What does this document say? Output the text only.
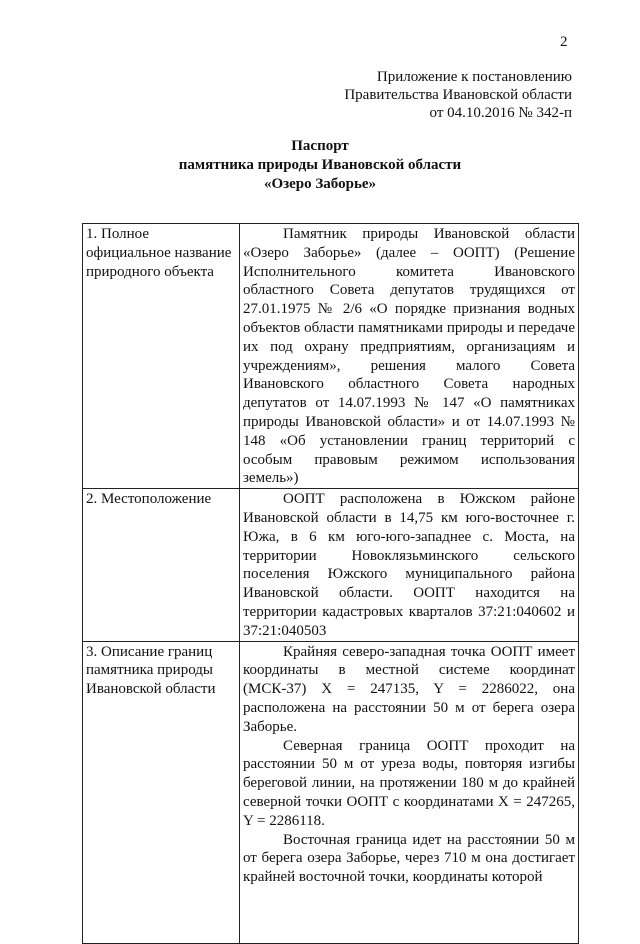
2
Приложение к постановлению
Правительства Ивановской области
от 04.10.2016 № 342-п
Паспорт
памятника природы Ивановской области
«Озеро Заборье»
1. Полное официальное название природного объекта	Памятник природы Ивановской области «Озеро Заборье» (далее – ООПТ) (Решение Исполнительного комитета Ивановского областного Совета депутатов трудящихся от 27.01.1975 № 2/6 «О порядке признания водных объектов области памятниками природы и передаче их под охрану предприятиям, организациям и учреждениям», решения малого Совета Ивановского областного Совета народных депутатов от 14.07.1993 № 147 «О памятниках природы Ивановской области» и от 14.07.1993 № 148 «Об установлении границ территорий с особым правовым режимом использования земель»)

2. Местоположение	ООПТ расположена в Южском районе Ивановской области в 14,75 км юго-восточнее г. Южа, в 6 км юго-юго-западнее с. Моста, на территории Новоклязьминского сельского поселения Южского муниципального района Ивановской области. ООПТ находится на территории кадастровых кварталов 37:21:040602 и 37:21:040503

3. Описание границ памятника природы Ивановской области	Крайняя северо-западная точка ООПТ имеет координаты в местной системе координат (МСК-37) X = 247135, Y = 2286022, она расположена на расстоянии 50 м от берега озера Заборье.

Северная граница ООПТ проходит на расстоянии 50 м от уреза воды, повторяя изгибы береговой линии, на протяжении 180 м до крайней северной точки ООПТ с координатами X = 247265, Y = 2286118.

Восточная граница идет на расстоянии 50 м от берега озера Заборье, через 710 м она достигает крайней восточной точки, координаты которой
